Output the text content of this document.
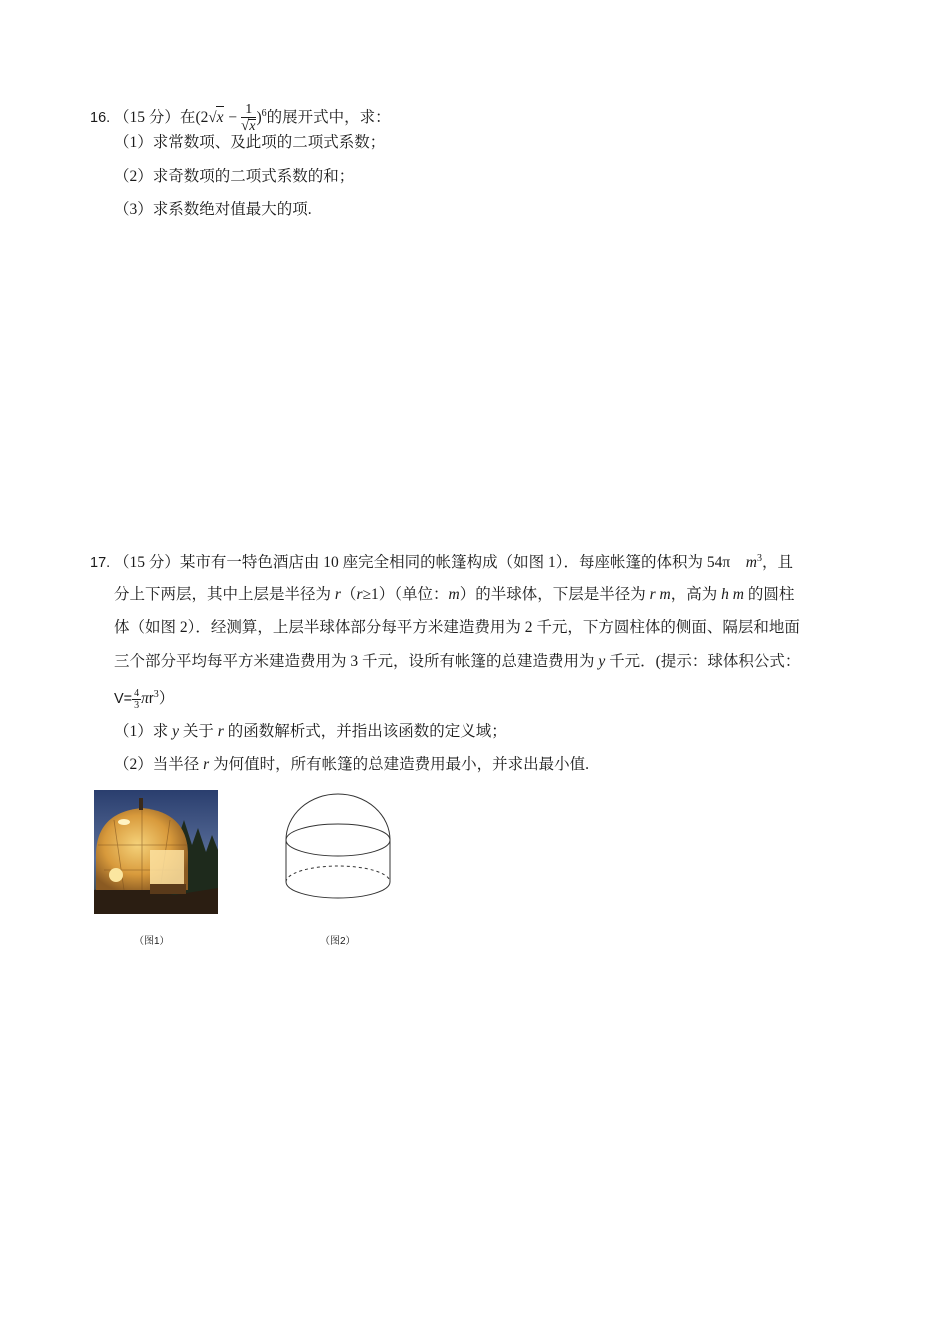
16. （15 分）在$(2√x - \frac{1}{√x} )^6$的展开式中，求：
（1）求常数项、及此项的二项式系数；
（2）求奇数项的二项式系数的和；
（3）求系数绝对值最大的项.
17. （15 分）某市有一特色酒店由 10 座完全相同的帐篷构成（如图 1）．每座帐篷的体积为 54π　$m^3$，且
分上下两层，其中上层是半径为 r（r≥1）（单位：m）的半球体，下层是半径为 r m，高为 h m 的圆柱
体（如图 2）．经测算，上层半球体部分每平方米建造费用为 2 千元，下方圆柱体的侧面、隔层和地面
三个部分平均每平方米建造费用为 3 千元，设所有帐篷的总建造费用为 y 千元．(提示：球体积公式：
$V= \frac{4}{3} \pi r^3$）
（1）求 y 关于 r 的函数解析式，并指出该函数的定义域；
（2）当半径 r 为何值时，所有帐篷的总建造费用最小，并求出最小值.
（图1）	（图2）
